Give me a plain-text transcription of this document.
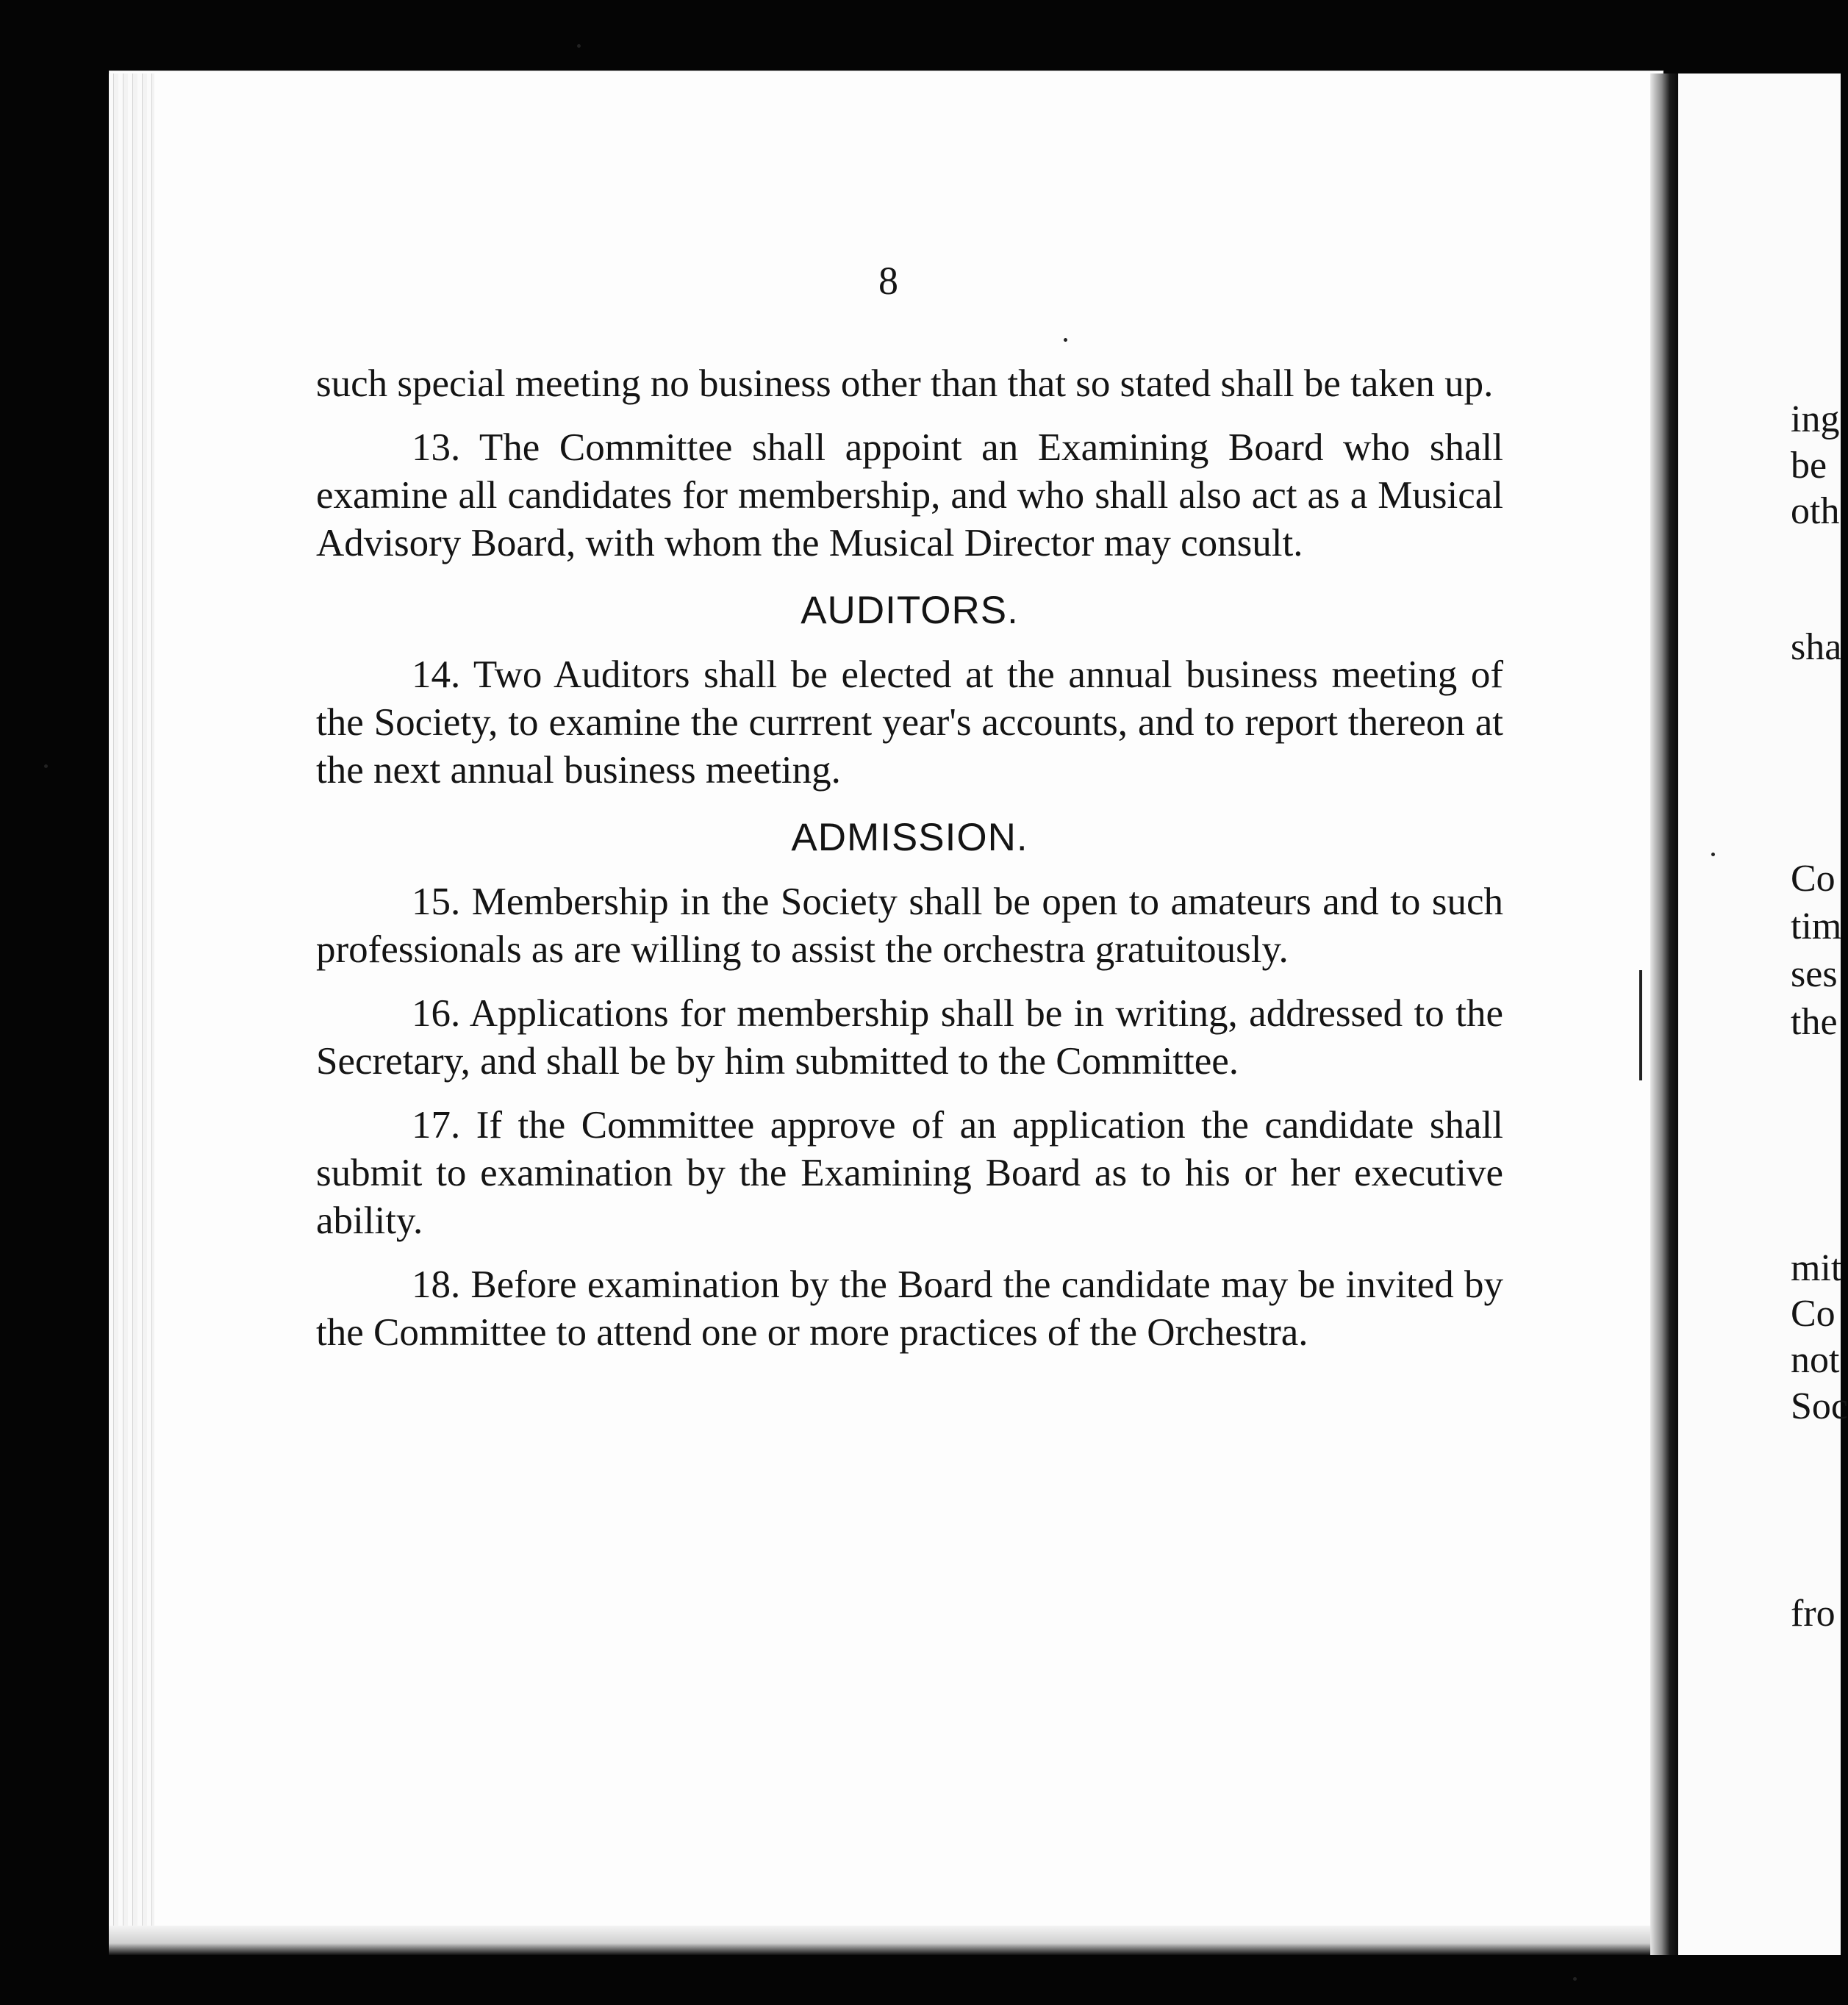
8

such special meeting no business other than that so stated shall be taken up.

13. The Committee shall appoint an Examining Board who shall examine all candidates for membership, and who shall also act as a Musical Advisory Board, with whom the Musical Director may consult.

AUDITORS.

14. Two Auditors shall be elected at the annual business meeting of the Society, to examine the currrent year's accounts, and to report thereon at the next annual business meeting.

ADMISSION.

15. Membership in the Society shall be open to amateurs and to such professionals as are willing to assist the orchestra gratuitously.

16. Applications for membership shall be in writing, addressed to the Secretary, and shall be by him submitted to the Committee.

17. If the Committee approve of an application the candidate shall submit to examination by the Examining Board as to his or her executive ability.

18. Before examination by the Board the candidate may be invited by the Committee to attend one or more practices of the Orchestra.

ing
be
oth
sha
Co
tim
ses
the
mit
Co
not
Soc
fro
